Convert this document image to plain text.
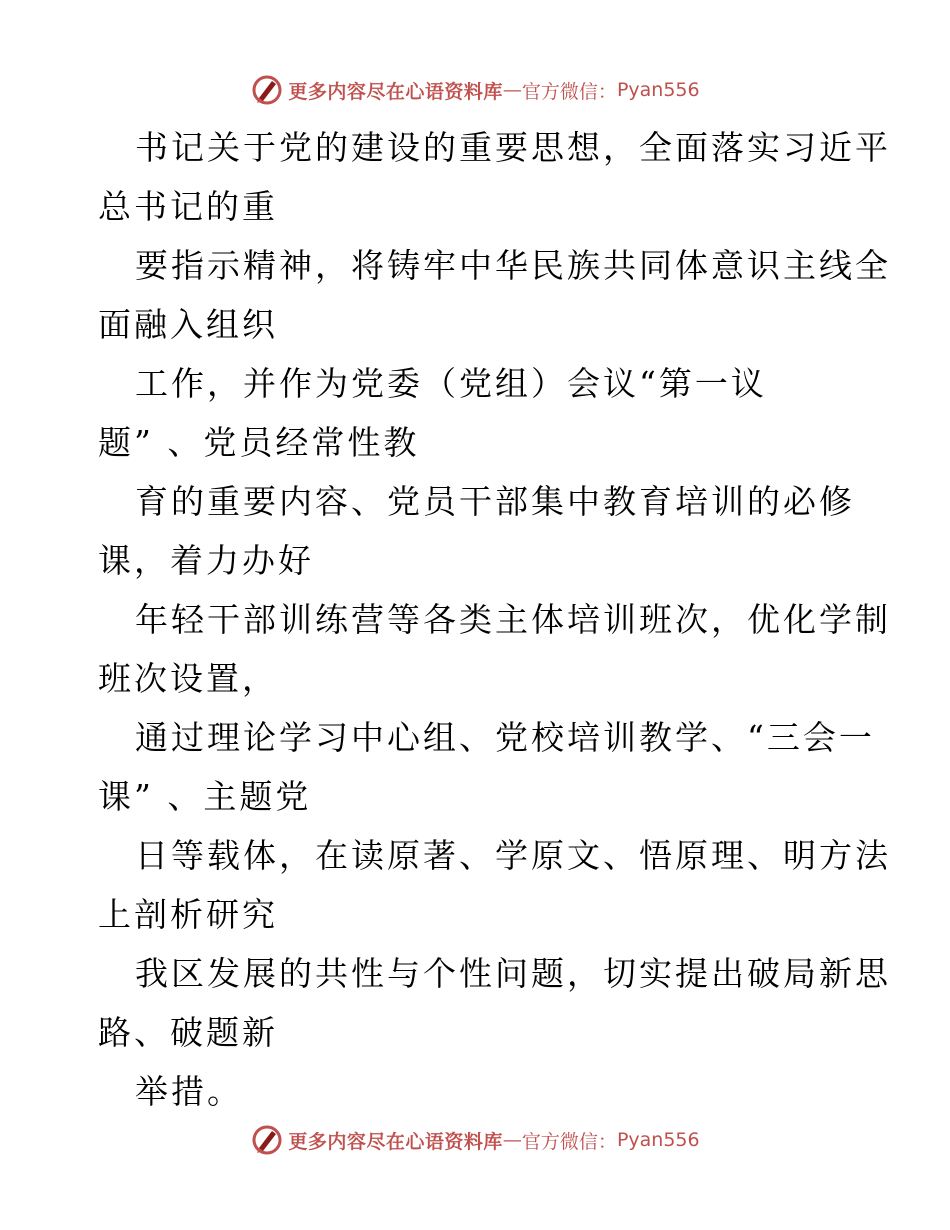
更多内容尽在心语资料库 — 官方微信： Pyan556
书记关于党的建设的重要思想，全面落实习近平
总书记的重
要指示精神，将铸牢中华民族共同体意识主线全
面融入组织
工作，并作为党委（党组）会议“第一议
题” 、党员经常性教
育的重要内容、党员干部集中教育培训的必修
课，着力办好
年轻干部训练营等各类主体培训班次，优化学制
班次设置，
通过理论学习中心组、党校培训教学、“三会一
课” 、主题党
日等载体，在读原著、学原文、悟原理、明方法
上剖析研究
我区发展的共性与个性问题，切实提出破局新思
路、破题新
举措。
更多内容尽在心语资料库 — 官方微信： Pyan556
